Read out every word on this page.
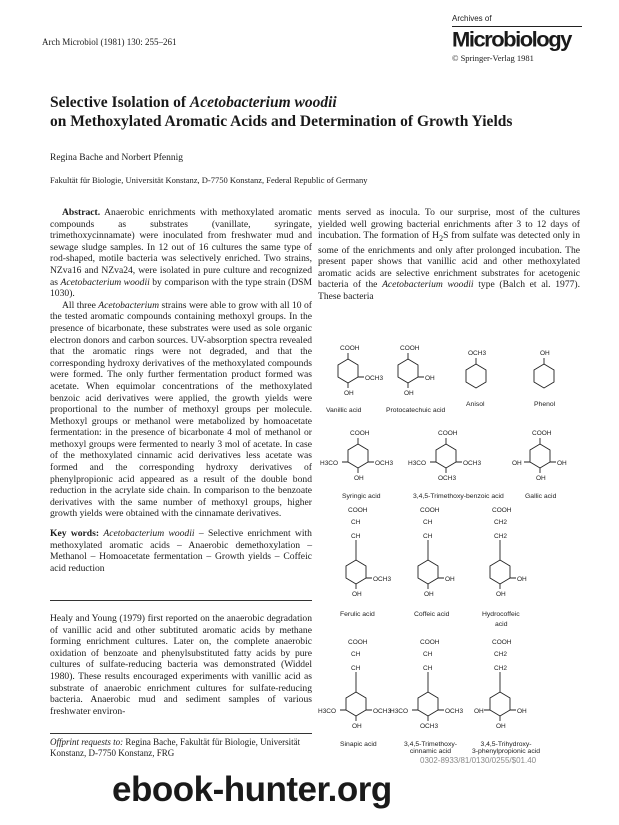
Arch Microbiol (1981) 130: 255–261
Archives of
Microbiology
© Springer-Verlag 1981
Selective Isolation of Acetobacterium woodii
on Methoxylated Aromatic Acids and Determination of Growth Yields
Regina Bache and Norbert Pfennig
Fakultät für Biologie, Universität Konstanz, D-7750 Konstanz, Federal Republic of Germany

Abstract. Anaerobic enrichments with methoxylated aromatic compounds as substrates (vanillate, syringate, trimethoxycinnamate) were inoculated from freshwater mud and sewage sludge samples. In 12 out of 16 cultures the same type of rod-shaped, motile bacteria was selectively enriched. Two strains, NZva16 and NZva24, were isolated in pure culture and recognized as Acetobacterium woodii by comparison with the type strain (DSM 1030).

All three Acetobacterium strains were able to grow with all 10 of the tested aromatic compounds containing methoxyl groups. In the presence of bicarbonate, these substrates were used as sole organic electron donors and carbon sources. UV-absorption spectra revealed that the aromatic rings were not degraded, and that the corresponding hydroxy derivatives of the methoxylated compounds were formed. The only further fermentation product formed was acetate. When equimolar concentrations of the methoxylated benzoic acid derivatives were applied, the growth yields were proportional to the number of methoxyl groups per molecule. Methoxyl groups or methanol were metabolized by homoacetate fermentation: in the presence of bicarbonate 4 mol of methanol or methoxyl groups were fermented to nearly 3 mol of acetate. In case of the methoxylated cinnamic acid derivatives less acetate was formed and the corresponding hydroxy derivatives of phenylpropionic acid appeared as a result of the double bond reduction in the acrylate side chain. In comparison to the benzoate derivatives with the same number of methoxyl groups, higher growth yields were obtained with the cinnamate derivatives.

Key words: Acetobacterium woodii – Selective enrichment with methoxylated aromatic acids – Anaerobic demethoxylation – Methanol – Homoacetate fermentation – Growth yields – Coffeic acid reduction

Healy and Young (1979) first reported on the anaerobic degradation of vanillic acid and other subtituted aromatic acids by methane forming enrichment cultures. Later on, the complete anaerobic oxidation of benzoate and phenylsubstituted fatty acids by pure cultures of sulfate-reducing bacteria was demonstrated (Widdel 1980). These results encouraged experiments with vanillic acid as substrate of anaerobic enrichment cultures for sulfate-reducing bacteria. Anaerobic mud and sediment samples of various freshwater environ-
Offprint requests to: Regina Bache, Fakultät für Biologie, Universität Konstanz, D-7750 Konstanz, FRG

ments served as inocula. To our surprise, most of the cultures yielded well growing bacterial enrichments after 3 to 12 days of incubation. The formation of $H_2S$ from sulfate was detected only in some of the enrichments and only after prolonged incubation. The present paper shows that vanillic acid and other methoxylated aromatic acids are selective enrichment substrates for acetogenic bacteria of the Acetobacterium woodii type (Balch et al. 1977). These bacteria

COOH
OCH3
OH
COOH
OH
OH
OCH3	OH
COOH
OCH3
H3CO
OH
COOH
OCH3
H3CO
OCH3
COOH
OH
OH
OH
COOH
CH
CH
OCH3
OH
COOH
CH
CH
OH
OH
COOH
CH2
CH2
OH
OH
COOH
CH
CH
OCH3
H3CO
OH
COOH
CH
CH
OCH3
H3CO
OCH3
COOH
CH2
CH2
OH
OH
OH
Vanillic acid	Protocatechuic acid
Anisol	Phenol
Syringic acid	3,4,5-Trimethoxy-benzoic acid	Gallic acid
Ferulic acid	Coffeic acid	Hydrocoffeic
acid
Sinapic acid	3,4,5-Trimethoxy-
cinnamic acid
3,4,5-Trihydroxy-
3-phenylpropionic acid
0302-8933/81/0130/0255/$01.40
ebook-hunter.org
